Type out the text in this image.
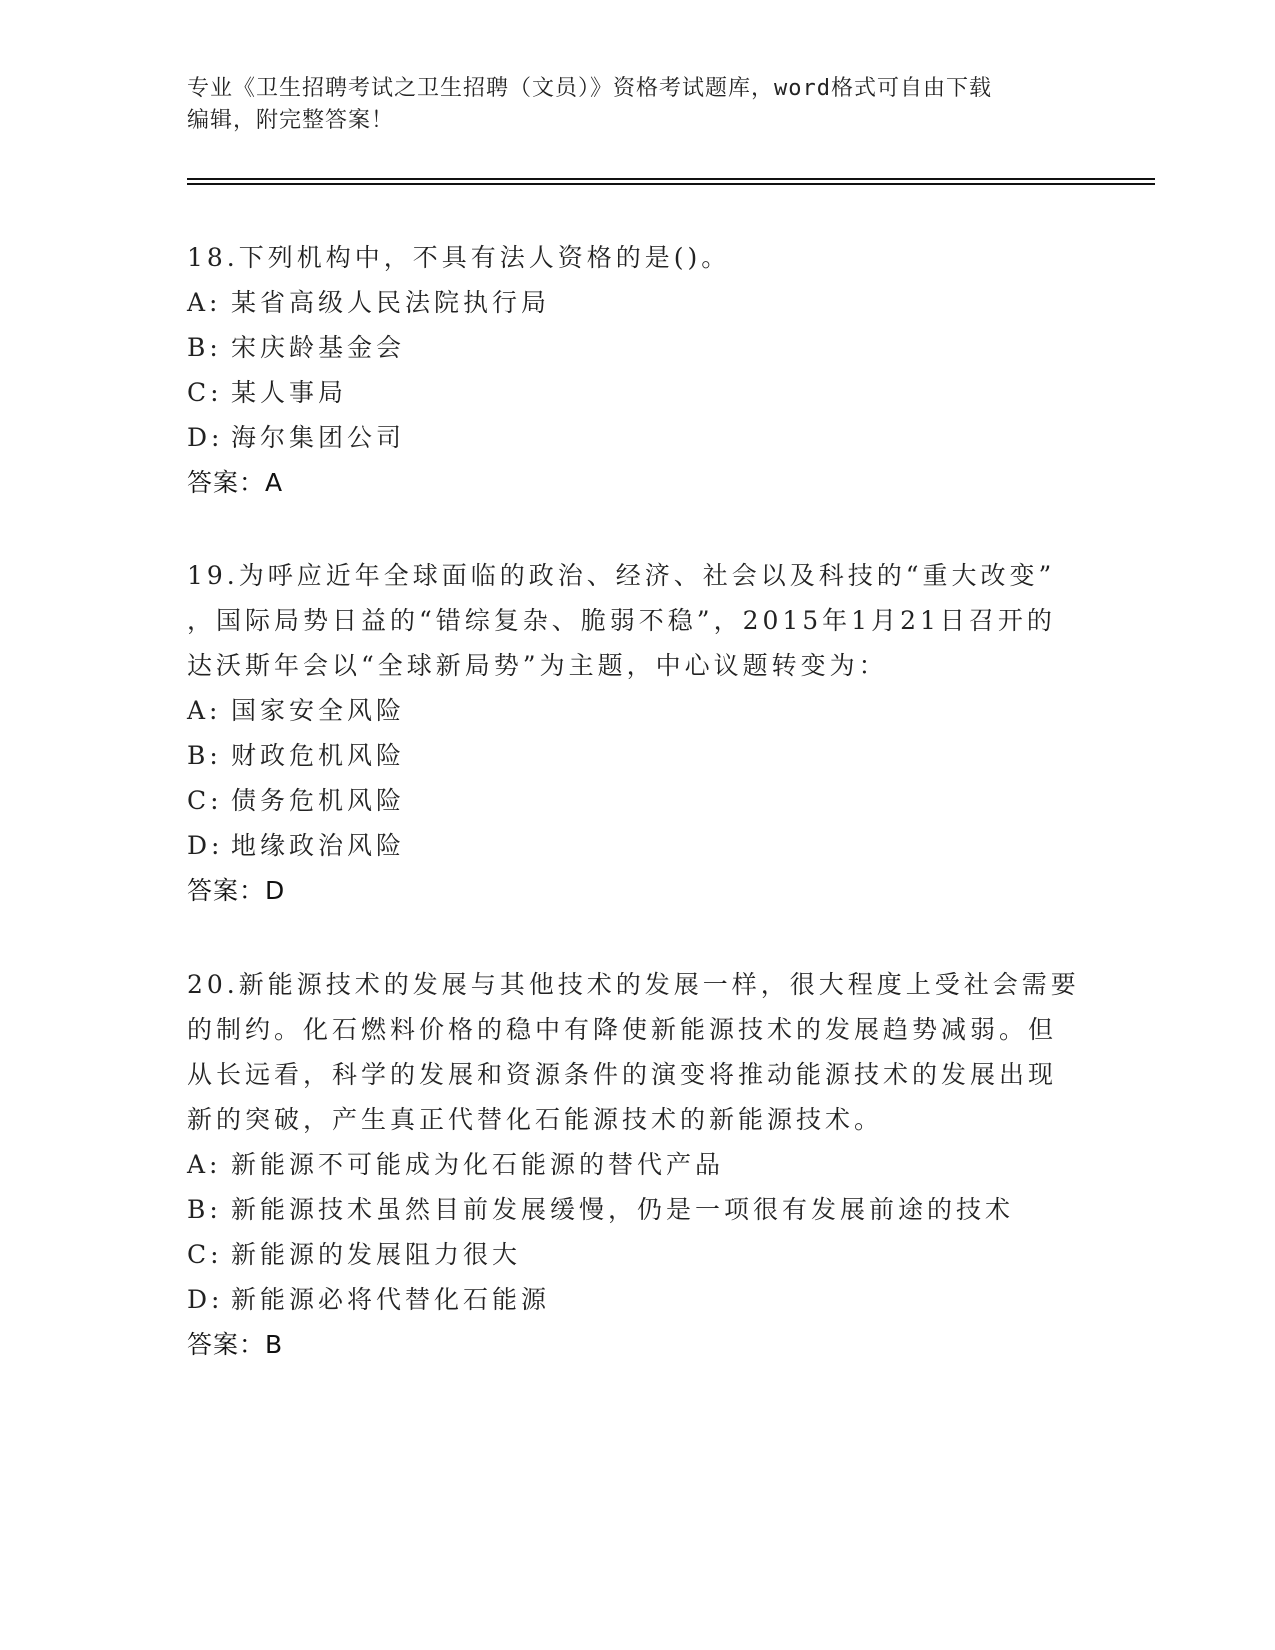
专业《卫生招聘考试之卫生招聘（文员）》资格考试题库，word格式可自由下载
编辑，附完整答案！

18.下列机构中，不具有法人资格的是()。

A: 某省高级人民法院执行局

B: 宋庆龄基金会

C: 某人事局

D: 海尔集团公司

答案：A

19.为呼应近年全球面临的政治、经济、社会以及科技的“重大改变”

，国际局势日益的“错综复杂、脆弱不稳”，2015年1月21日召开的

达沃斯年会以“全球新局势”为主题，中心议题转变为：

A: 国家安全风险

B: 财政危机风险

C: 债务危机风险

D: 地缘政治风险

答案：D

20.新能源技术的发展与其他技术的发展一样，很大程度上受社会需要

的制约。化石燃料价格的稳中有降使新能源技术的发展趋势减弱。但

从长远看，科学的发展和资源条件的演变将推动能源技术的发展出现

新的突破，产生真正代替化石能源技术的新能源技术。

A: 新能源不可能成为化石能源的替代产品

B: 新能源技术虽然目前发展缓慢，仍是一项很有发展前途的技术

C: 新能源的发展阻力很大

D: 新能源必将代替化石能源

答案：B
